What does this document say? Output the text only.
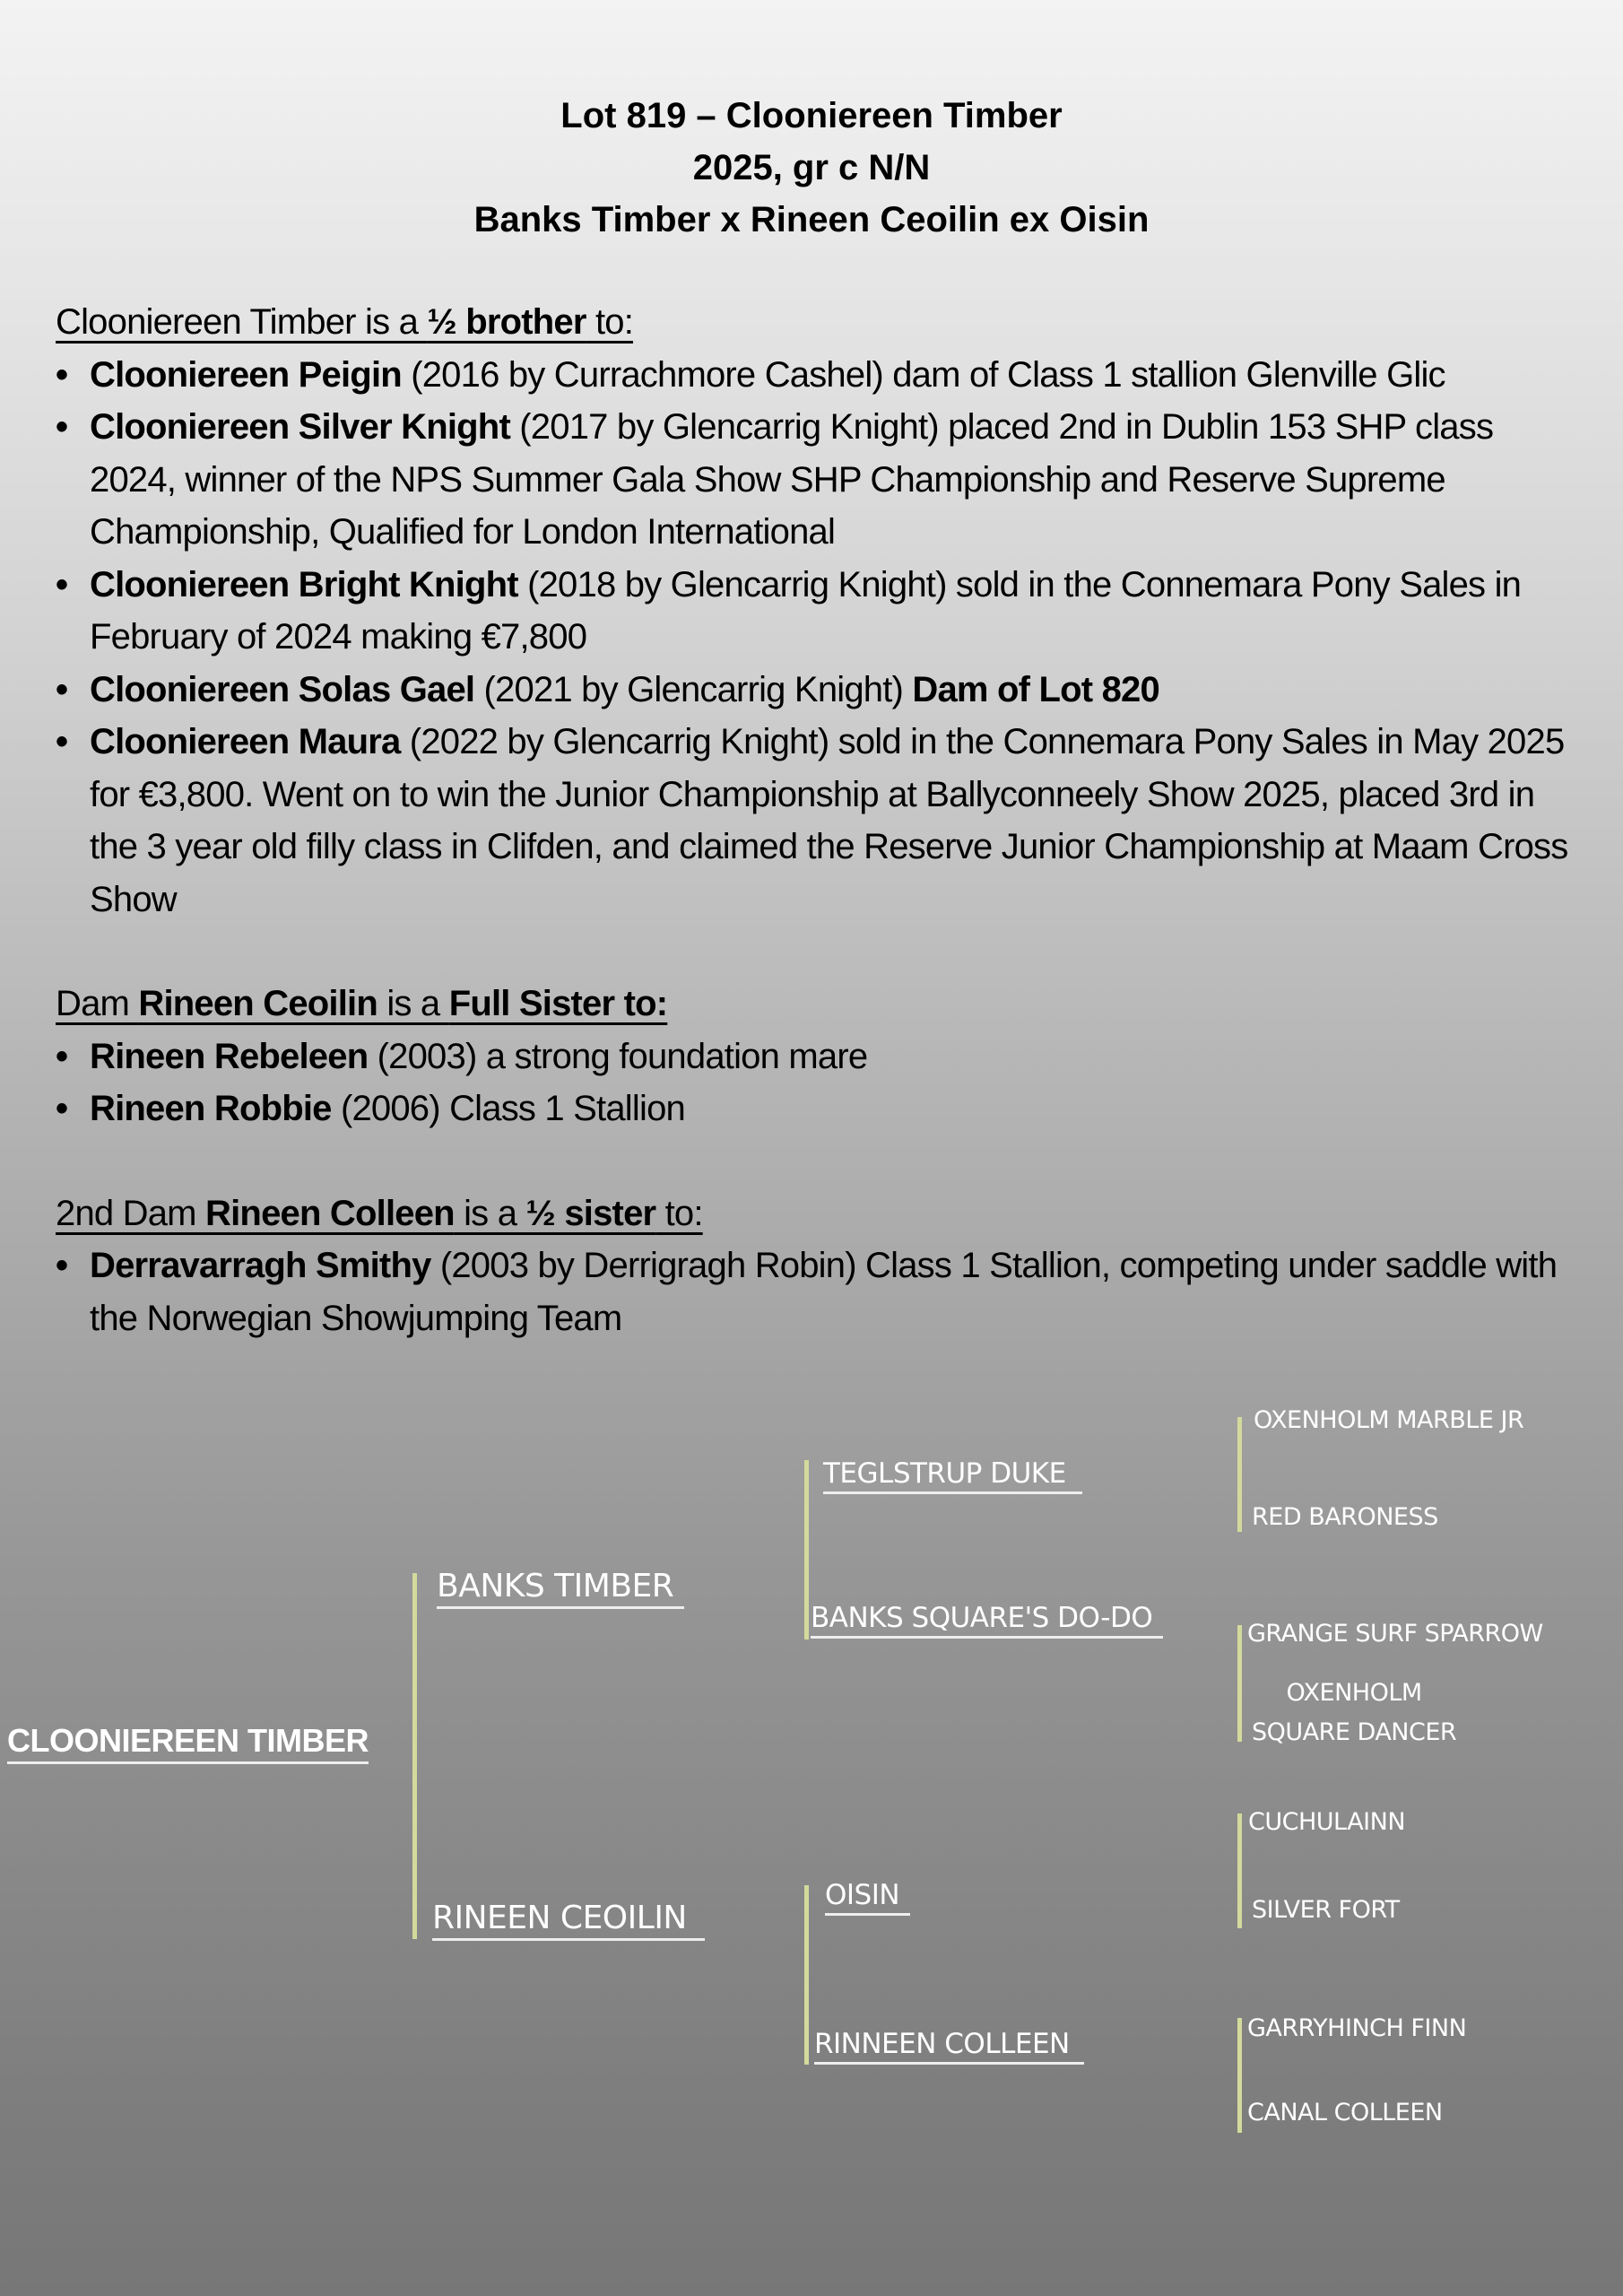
Lot 819 – Clooniereen Timber
2025, gr c N/N
Banks Timber x Rineen Ceoilin ex Oisin
Clooniereen Timber is a ½ brother to:
• Clooniereen Peigin (2016 by Currachmore Cashel) dam of Class 1 stallion Glenville Glic
• Clooniereen Silver Knight (2017 by Glencarrig Knight) placed 2nd in Dublin 153 SHP class 2024, winner of the NPS Summer Gala Show SHP Championship and Reserve Supreme Championship, Qualified for London International
• Clooniereen Bright Knight (2018 by Glencarrig Knight) sold in the Connemara Pony Sales in February of 2024 making €7,800
• Clooniereen Solas Gael (2021 by Glencarrig Knight) Dam of Lot 820
• Clooniereen Maura (2022 by Glencarrig Knight) sold in the Connemara Pony Sales in May 2025 for €3,800. Went on to win the Junior Championship at Ballyconneely Show 2025, placed 3rd in the 3 year old filly class in Clifden, and claimed the Reserve Junior Championship at Maam Cross Show
Dam Rineen Ceoilin is a Full Sister to:
• Rineen Rebeleen (2003) a strong foundation mare
• Rineen Robbie (2006) Class 1 Stallion
2nd Dam Rineen Colleen is a ½ sister to:
• Derravarragh Smithy (2003 by Derrigragh Robin) Class 1 Stallion, competing under saddle with the Norwegian Showjumping Team
CLOONIEREEN TIMBER
BANKS TIMBER
RINEEN CEOILIN
TEGLSTRUP DUKE
BANKS SQUARE'S DO-DO
OISIN
RINNEEN COLLEEN
OXENHOLM MARBLE JR
RED BARONESS
GRANGE SURF SPARROW
OXENHOLM
SQUARE DANCER
CUCHULAINN
SILVER FORT
GARRYHINCH FINN
CANAL COLLEEN
